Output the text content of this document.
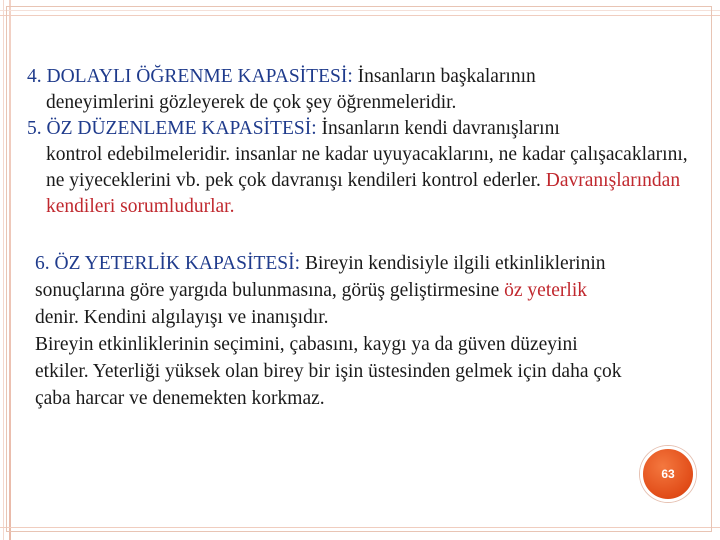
4. DOLAYLI ÖĞRENME KAPASİTESİ: İnsanların başkalarının
deneyimlerini gözleyerek de çok şey öğrenmeleridir.
5. ÖZ DÜZENLEME KAPASİTESİ: İnsanların kendi davranışlarını
kontrol edebilmeleridir. insanlar ne kadar uyuyacaklarını, ne kadar çalışacaklarını, ne yiyeceklerini vb. pek çok davranışı kendileri kontrol ederler. Davranışlarından kendileri sorumludurlar.
6. ÖZ YETERLİK KAPASİTESİ: Bireyin kendisiyle ilgili etkinliklerinin sonuçlarına göre yargıda bulunmasına, görüş geliştirmesine öz yeterlik denir. Kendini algılayışı ve inanışıdır.
Bireyin etkinliklerinin seçimini, çabasını, kaygı ya da güven düzeyini etkiler. Yeterliği yüksek olan birey bir işin üstesinden gelmek için daha çok çaba harcar ve denemekten korkmaz.
63
